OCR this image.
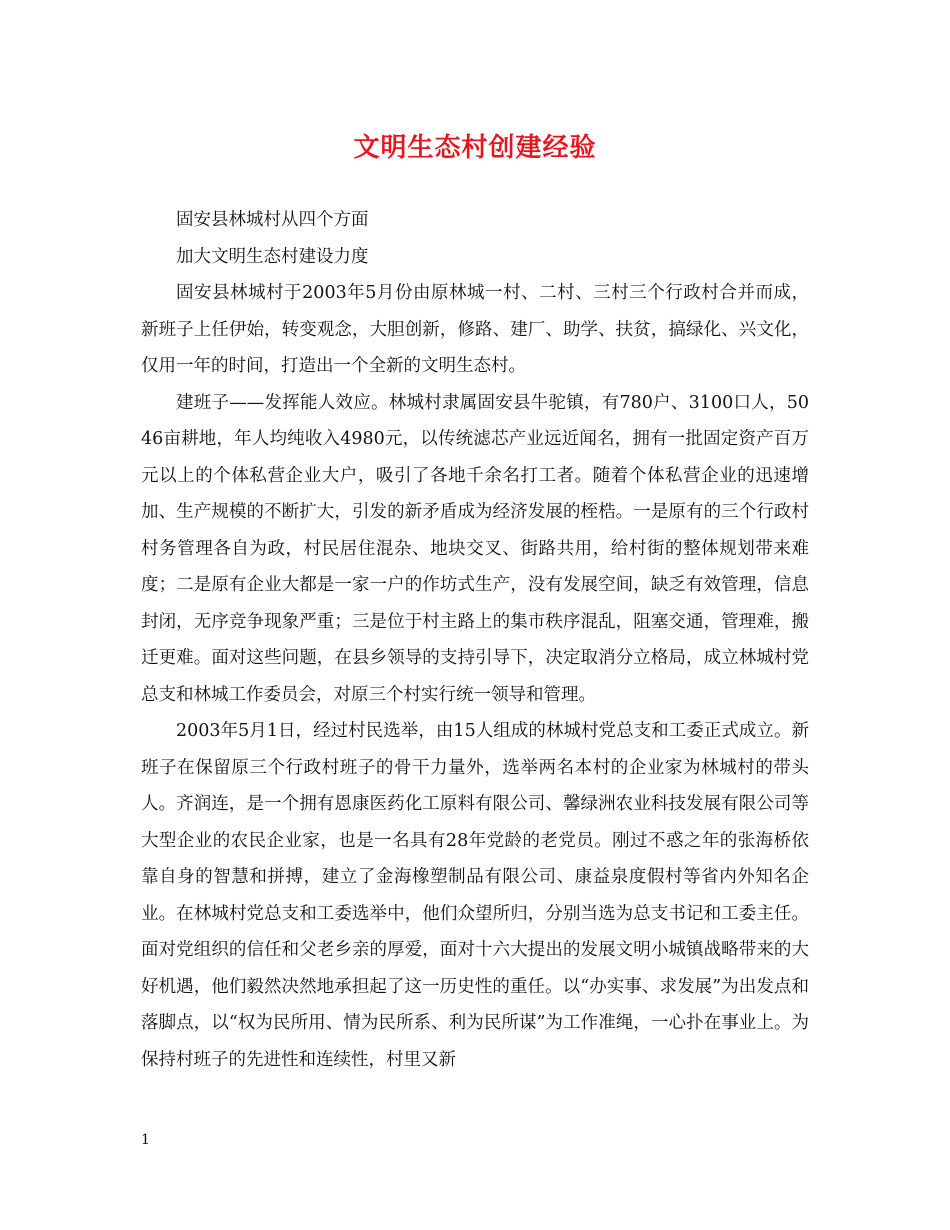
文明生态村创建经验

固安县林城村从四个方面

加大文明生态村建设力度

固安县林城村于2003年5月份由原林城一村、二村、三村三个行政村合并而成，新班子上任伊始，转变观念，大胆创新，修路、建厂、助学、扶贫，搞绿化、兴文化，仅用一年的时间，打造出一个全新的文明生态村。

建班子——发挥能人效应。林城村隶属固安县牛驼镇，有780户、3100口人，5046亩耕地，年人均纯收入4980元，以传统滤芯产业远近闻名，拥有一批固定资产百万元以上的个体私营企业大户，吸引了各地千余名打工者。随着个体私营企业的迅速增加、生产规模的不断扩大，引发的新矛盾成为经济发展的桎梏。一是原有的三个行政村村务管理各自为政，村民居住混杂、地块交叉、街路共用，给村街的整体规划带来难度；二是原有企业大都是一家一户的作坊式生产，没有发展空间，缺乏有效管理，信息封闭，无序竞争现象严重；三是位于村主路上的集市秩序混乱，阻塞交通，管理难，搬迁更难。面对这些问题，在县乡领导的支持引导下，决定取消分立格局，成立林城村党总支和林城工作委员会，对原三个村实行统一领导和管理。

2003年5月1日，经过村民选举，由15人组成的林城村党总支和工委正式成立。新班子在保留原三个行政村班子的骨干力量外，选举两名本村的企业家为林城村的带头人。齐润连，是一个拥有恩康医药化工原料有限公司、馨绿洲农业科技发展有限公司等大型企业的农民企业家，也是一名具有28年党龄的老党员。刚过不惑之年的张海桥依靠自身的智慧和拼搏，建立了金海橡塑制品有限公司、康益泉度假村等省内外知名企业。在林城村党总支和工委选举中，他们众望所归，分别当选为总支书记和工委主任。面对党组织的信任和父老乡亲的厚爱，面对十六大提出的发展文明小城镇战略带来的大好机遇，他们毅然决然地承担起了这一历史性的重任。以“办实事、求发展”为出发点和落脚点，以“权为民所用、情为民所系、利为民所谋”为工作准绳，一心扑在事业上。为保持村班子的先进性和连续性，村里又新

1
